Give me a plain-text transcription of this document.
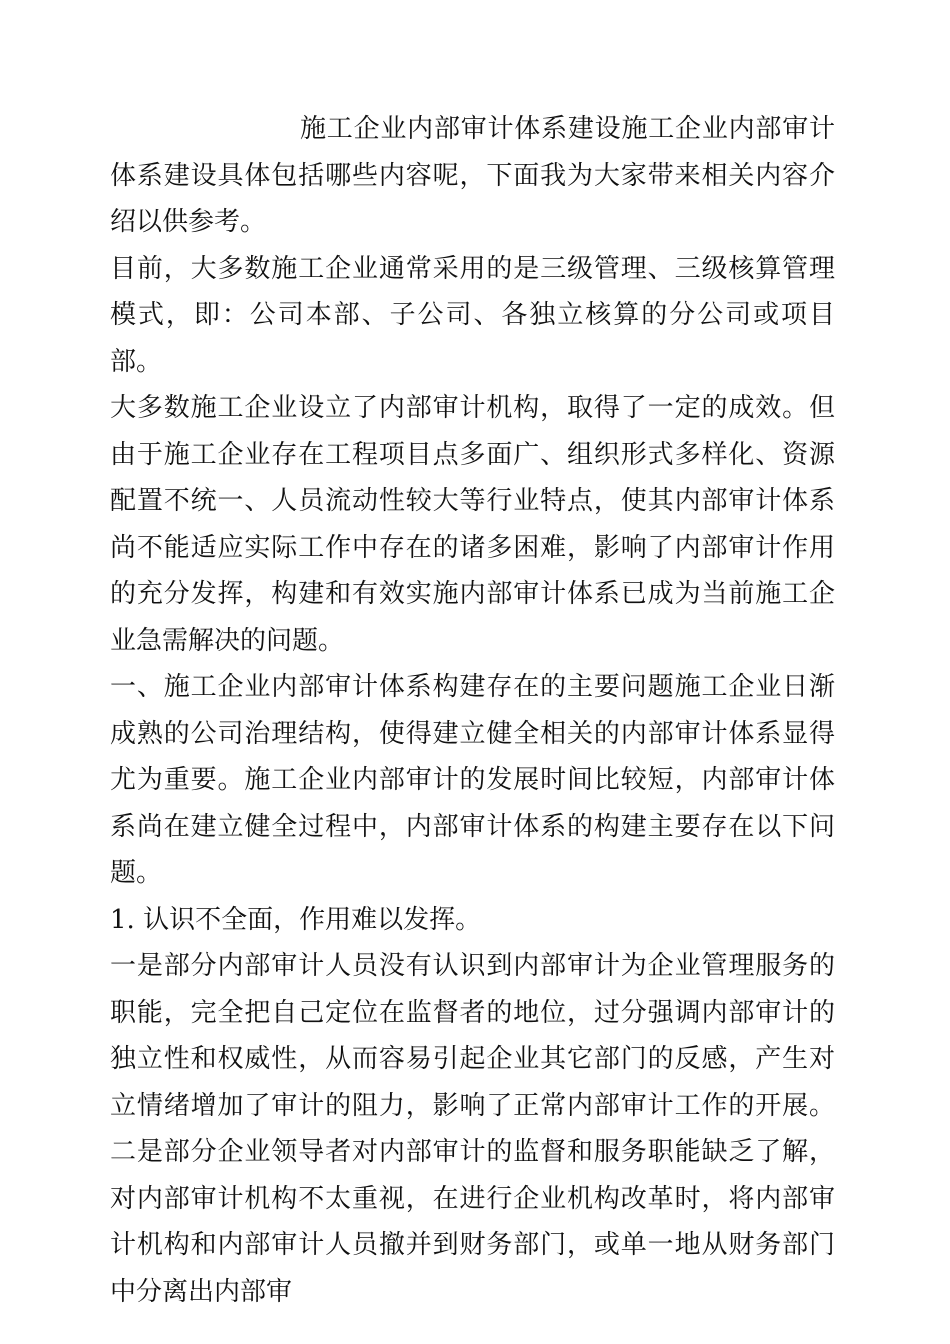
施工企业内部审计体系建设施工企业内部审计体系建设具体包括哪些内容呢，下面我为大家带来相关内容介绍以供参考。

目前，大多数施工企业通常采用的是三级管理、三级核算管理模式，即：公司本部、子公司、各独立核算的分公司或项目部。

大多数施工企业设立了内部审计机构，取得了一定的成效。但由于施工企业存在工程项目点多面广、组织形式多样化、资源配置不统一、人员流动性较大等行业特点，使其内部审计体系尚不能适应实际工作中存在的诸多困难，影响了内部审计作用的充分发挥，构建和有效实施内部审计体系已成为当前施工企业急需解决的问题。

一、施工企业内部审计体系构建存在的主要问题施工企业日渐成熟的公司治理结构，使得建立健全相关的内部审计体系显得尤为重要。施工企业内部审计的发展时间比较短，内部审计体系尚在建立健全过程中，内部审计体系的构建主要存在以下问题。

1. 认识不全面，作用难以发挥。

一是部分内部审计人员没有认识到内部审计为企业管理服务的职能，完全把自己定位在监督者的地位，过分强调内部审计的独立性和权威性，从而容易引起企业其它部门的反感，产生对立情绪增加了审计的阻力，影响了正常内部审计工作的开展。二是部分企业领导者对内部审计的监督和服务职能缺乏了解，对内部审计机构不太重视，在进行企业机构改革时，将内部审计机构和内部审计人员撤并到财务部门，或单一地从财务部门中分离出内部审
